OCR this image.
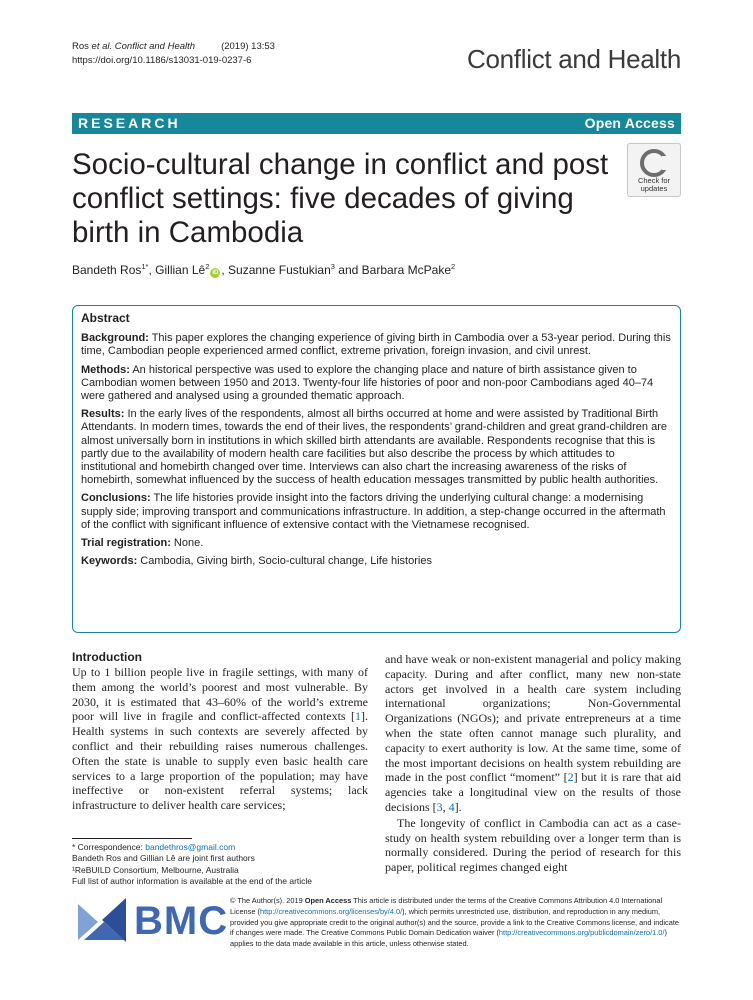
Ros et al. Conflict and Health	(2019) 13:53
https://doi.org/10.1186/s13031-019-0237-6	Conflict and Health
RESEARCH	Open Access
Socio-cultural change in conflict and post conflict settings: five decades of giving birth in Cambodia
Check for
updates
Bandeth Ros$^{1*}$, Gillian $Lê^2iD$ , Suzanne Fustukian$^3$ and Barbara McPake$^2$
Abstract

Background: This paper explores the changing experience of giving birth in Cambodia over a 53-year period. During this time, Cambodian people experienced armed conflict, extreme privation, foreign invasion, and civil unrest.

Methods: An historical perspective was used to explore the changing place and nature of birth assistance given to Cambodian women between 1950 and 2013. Twenty-four life histories of poor and non-poor Cambodians aged 40–74 were gathered and analysed using a grounded thematic approach.

Results: In the early lives of the respondents, almost all births occurred at home and were assisted by Traditional Birth Attendants. In modern times, towards the end of their lives, the respondents’ grand-children and great grand-children are almost universally born in institutions in which skilled birth attendants are available. Respondents recognise that this is partly due to the availability of modern health care facilities but also describe the process by which attitudes to institutional and homebirth changed over time. Interviews can also chart the increasing awareness of the risks of homebirth, somewhat influenced by the success of health education messages transmitted by public health authorities.

Conclusions: The life histories provide insight into the factors driving the underlying cultural change: a modernising supply side; improving transport and communications infrastructure. In addition, a step-change occurred in the aftermath of the conflict with significant influence of extensive contact with the Vietnamese recognised.

Trial registration: None.

Keywords: Cambodia, Giving birth, Socio-cultural change, Life histories

Introduction

Up to 1 billion people live in fragile settings, with many of them among the world’s poorest and most vulnerable. By 2030, it is estimated that 43–60% of the world’s extreme poor will live in fragile and conflict-affected contexts [1]. Health systems in such contexts are severely affected by conflict and their rebuilding raises numerous challenges. Often the state is unable to supply even basic health care services to a large proportion of the population; may have ineffective or non-existent referral systems; lack infrastructure to deliver health care services;

and have weak or non-existent managerial and policy making capacity. During and after conflict, many new non-state actors get involved in a health care system including international organizations; Non-Governmental Organizations (NGOs); and private entrepreneurs at a time when the state often cannot manage such plurality, and capacity to exert authority is low. At the same time, some of the most important decisions on health system rebuilding are made in the post conflict “moment” [2] but it is rare that aid agencies take a longitudinal view on the results of those decisions [3, 4].

The longevity of conflict in Cambodia can act as a case-study on health system rebuilding over a longer term than is normally considered. During the period of research for this paper, political regimes changed eight

* Correspondence: bandethros@gmail.com
Bandeth Ros and Gillian Lê are joint first authors
¹ReBUILD Consortium, Melbourne, Australia
Full list of author information is available at the end of the article
BMC © The Author(s). 2019 Open Access This article is distributed under the terms of the Creative Commons Attribution 4.0 International License (http://creativecommons.org/licenses/by/4.0/), which permits unrestricted use, distribution, and reproduction in any medium, provided you give appropriate credit to the original author(s) and the source, provide a link to the Creative Commons license, and indicate if changes were made. The Creative Commons Public Domain Dedication waiver (http://creativecommons.org/publicdomain/zero/1.0/) applies to the data made available in this article, unless otherwise stated.
